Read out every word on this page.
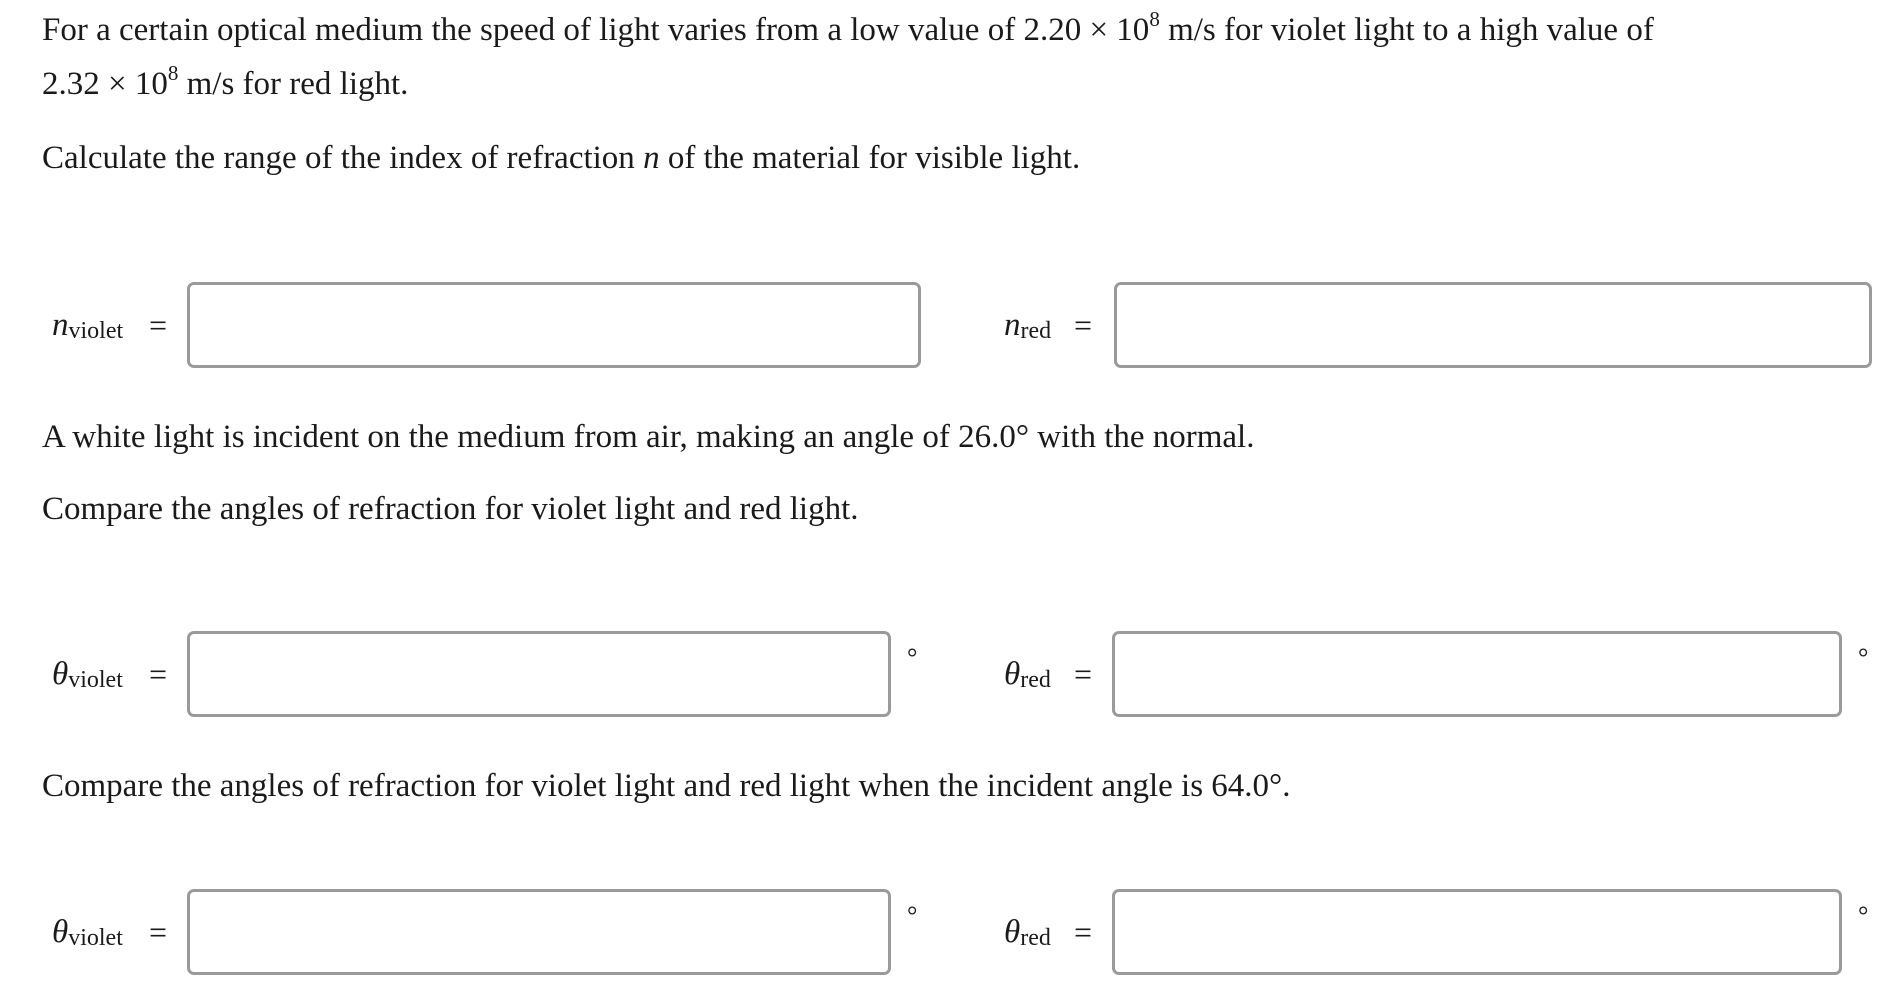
For a certain optical medium the speed of light varies from a low value of $2.20 \times 10^8$ m/s for violet light to a high value of
$2.32 \times 10^8$ m/s for red light.
Calculate the range of the index of refraction n of the material for visible light.
$n_{violet}$ =	$n_{red}$ =
A white light is incident on the medium from air, making an angle of 26.0° with the normal.
Compare the angles of refraction for violet light and red light.
$\theta_{violet}$ =	°	$\theta_{red}$ =	°
Compare the angles of refraction for violet light and red light when the incident angle is 64.0°.
$\theta_{violet}$ =	°	$\theta_{red}$ =	°
